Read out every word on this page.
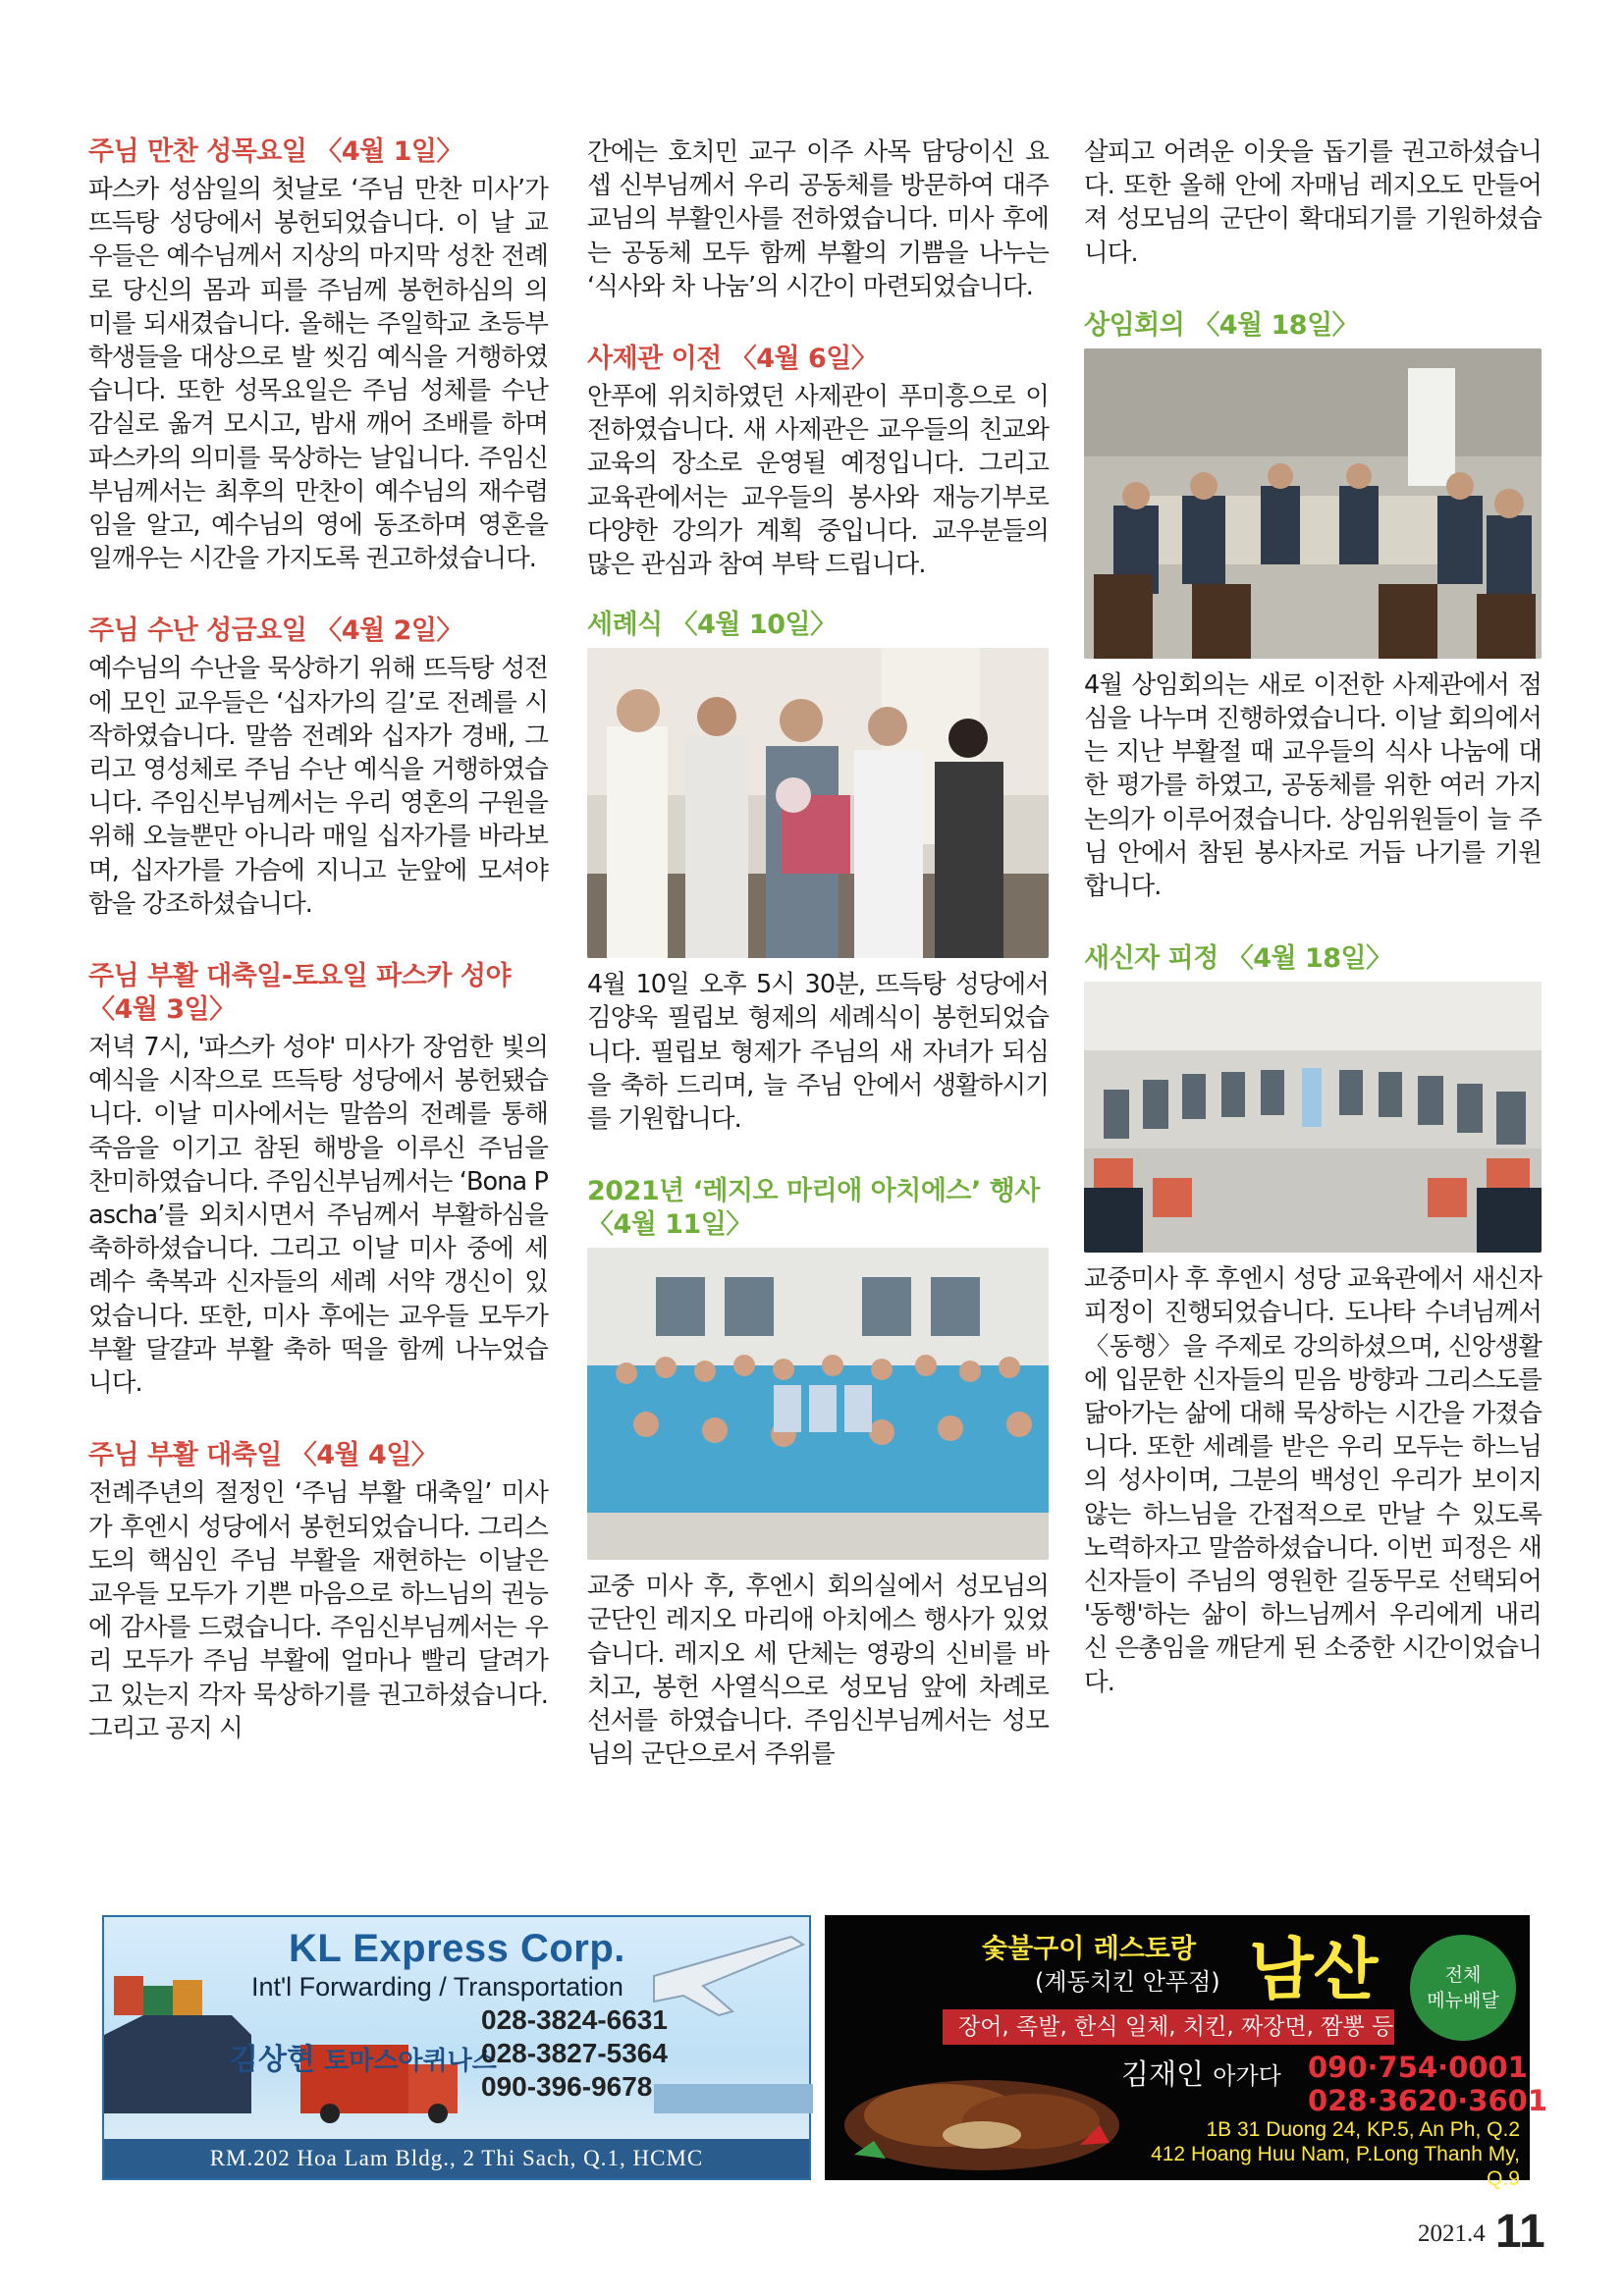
주님 만찬 성목요일 〈4월 1일〉

파스카 성삼일의 첫날로 ‘주님 만찬 미사’가 뜨득탕 성당에서 봉헌되었습니다. 이 날 교우들은 예수님께서 지상의 마지막 성찬 전례로 당신의 몸과 피를 주님께 봉헌하심의 의미를 되새겼습니다. 올해는 주일학교 초등부 학생들을 대상으로 발 씻김 예식을 거행하였습니다. 또한 성목요일은 주님 성체를 수난 감실로 옮겨 모시고, 밤새 깨어 조배를 하며 파스카의 의미를 묵상하는 날입니다. 주임신부님께서는 최후의 만찬이 예수님의 재수렴임을 알고, 예수님의 영에 동조하며 영혼을 일깨우는 시간을 가지도록 권고하셨습니다.

주님 수난 성금요일 〈4월 2일〉

예수님의 수난을 묵상하기 위해 뜨득탕 성전에 모인 교우들은 ‘십자가의 길’로 전례를 시작하였습니다. 말씀 전례와 십자가 경배, 그리고 영성체로 주님 수난 예식을 거행하였습니다. 주임신부님께서는 우리 영혼의 구원을 위해 오늘뿐만 아니라 매일 십자가를 바라보며, 십자가를 가슴에 지니고 눈앞에 모셔야 함을 강조하셨습니다.

주님 부활 대축일-토요일 파스카 성야 〈4월 3일〉

저녁 7시, '파스카 성야' 미사가 장엄한 빛의 예식을 시작으로 뜨득탕 성당에서 봉헌됐습니다. 이날 미사에서는 말씀의 전례를 통해 죽음을 이기고 참된 해방을 이루신 주님을 찬미하였습니다. 주임신부님께서는 ‘Bona Pascha’를 외치시면서 주님께서 부활하심을 축하하셨습니다. 그리고 이날 미사 중에 세례수 축복과 신자들의 세례 서약 갱신이 있었습니다. 또한, 미사 후에는 교우들 모두가 부활 달걀과 부활 축하 떡을 함께 나누었습니다.

주님 부활 대축일 〈4월 4일〉

전례주년의 절정인 ‘주님 부활 대축일’ 미사가 후엔시 성당에서 봉헌되었습니다. 그리스도의 핵심인 주님 부활을 재현하는 이날은 교우들 모두가 기쁜 마음으로 하느님의 권능에 감사를 드렸습니다. 주임신부님께서는 우리 모두가 주님 부활에 얼마나 빨리 달려가고 있는지 각자 묵상하기를 권고하셨습니다. 그리고 공지 시

간에는 호치민 교구 이주 사목 담당이신 요셉 신부님께서 우리 공동체를 방문하여 대주교님의 부활인사를 전하였습니다. 미사 후에는 공동체 모두 함께 부활의 기쁨을 나누는 ‘식사와 차 나눔’의 시간이 마련되었습니다.

사제관 이전 〈4월 6일〉

안푸에 위치하였던 사제관이 푸미흥으로 이전하였습니다. 새 사제관은 교우들의 친교와 교육의 장소로 운영될 예정입니다. 그리고 교육관에서는 교우들의 봉사와 재능기부로 다양한 강의가 계획 중입니다. 교우분들의 많은 관심과 참여 부탁 드립니다.

세례식 〈4월 10일〉

4월 10일 오후 5시 30분, 뜨득탕 성당에서 김양욱 필립보 형제의 세례식이 봉헌되었습니다. 필립보 형제가 주님의 새 자녀가 되심을 축하 드리며, 늘 주님 안에서 생활하시기를 기원합니다.

2021년 ‘레지오 마리애 아치에스’ 행사 〈4월 11일〉

교중 미사 후, 후엔시 회의실에서 성모님의 군단인 레지오 마리애 아치에스 행사가 있었습니다. 레지오 세 단체는 영광의 신비를 바치고, 봉헌 사열식으로 성모님 앞에 차례로 선서를 하였습니다. 주임신부님께서는 성모님의 군단으로서 주위를

살피고 어려운 이웃을 돕기를 권고하셨습니다. 또한 올해 안에 자매님 레지오도 만들어져 성모님의 군단이 확대되기를 기원하셨습니다.

상임회의 〈4월 18일〉

4월 상임회의는 새로 이전한 사제관에서 점심을 나누며 진행하였습니다. 이날 회의에서는 지난 부활절 때 교우들의 식사 나눔에 대한 평가를 하였고, 공동체를 위한 여러 가지 논의가 이루어졌습니다. 상임위원들이 늘 주님 안에서 참된 봉사자로 거듭 나기를 기원합니다.

새신자 피정 〈4월 18일〉

교중미사 후 후엔시 성당 교육관에서 새신자 피정이 진행되었습니다. 도나타 수녀님께서 〈동행〉을 주제로 강의하셨으며, 신앙생활에 입문한 신자들의 믿음 방향과 그리스도를 닮아가는 삶에 대해 묵상하는 시간을 가졌습니다. 또한 세례를 받은 우리 모두는 하느님의 성사이며, 그분의 백성인 우리가 보이지 않는 하느님을 간접적으로 만날 수 있도록 노력하자고 말씀하셨습니다. 이번 피정은 새신자들이 주님의 영원한 길동무로 선택되어 '동행'하는 삶이 하느님께서 우리에게 내리신 은총임을 깨닫게 된 소중한 시간이었습니다.

KL Express Corp.
Int'l Forwarding / Transportation
김상현 토마스아퀴나스
028-3824-6631
028-3827-5364
090-396-9678
RM.202 Hoa Lam Bldg., 2 Thi Sach, Q.1, HCMC
숯불구이 레스토랑
(계동치킨 안푸점) 남산
장어, 족발, 한식 일체, 치킨, 짜장면, 짬뽕 등
전체
메뉴배달
김재인 아가다 090·754·0001
028·3620·3601
1B 31 Duong 24, KP.5, An Ph, Q.2
412 Hoang Huu Nam, P.Long Thanh My, Q.9
2021.4 11
